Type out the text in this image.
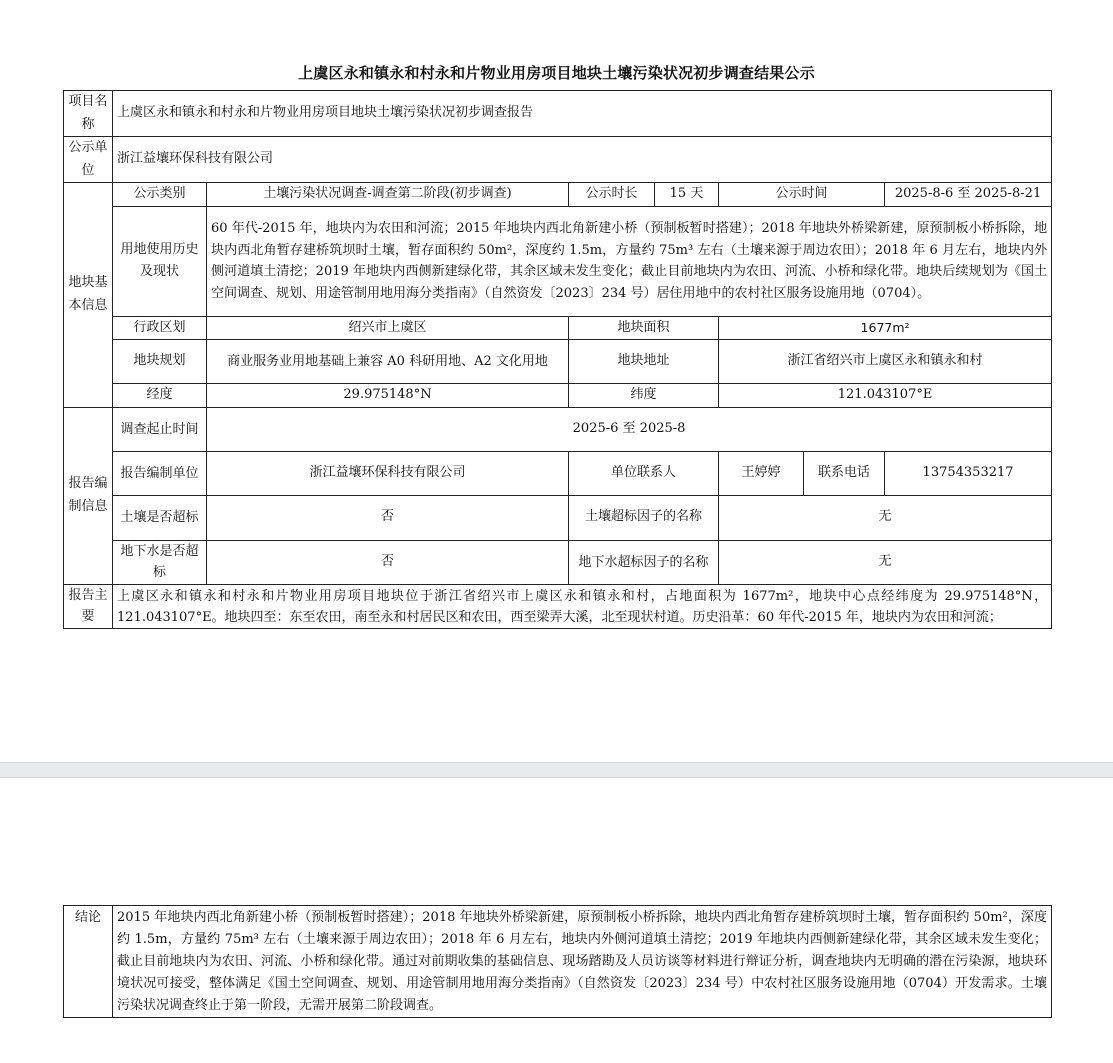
上虞区永和镇永和村永和片物业用房项目地块土壤污染状况初步调查结果公示
项目名称	上虞区永和镇永和村永和片物业用房项目地块土壤污染状况初步调查报告						
公示单位	浙江益壤环保科技有限公司						
地块基本信息	公示类别	土壤污染状况调查-调查第二阶段(初步调查)	公示时长	15 天	公示时间		2025-8-6 至 2025-8-21
	用地使用历史及现状	60 年代-2015 年，地块内为农田和河流；2015 年地块内西北角新建小桥（预制板暂时搭建）；2018 年地块外桥梁新建，原预制板小桥拆除，地块内西北角暂存建桥筑坝时土壤，暂存面积约 50m²，深度约 1.5m，方量约 75m³ 左右（土壤来源于周边农田）；2018 年 6 月左右，地块内外侧河道填土清挖；2019 年地块内西侧新建绿化带，其余区域未发生变化；截止目前地块内为农田、河流、小桥和绿化带。地块后续规划为《国土空间调查、规划、用途管制用地用海分类指南》（自然资发〔2023〕234 号）居住用地中的农村社区服务设施用地（0704）。					
	行政区划	绍兴市上虞区	地块面积		1677m²		
	地块规划	商业服务业用地基础上兼容 A0 科研用地、A2 文化用地	地块地址		浙江省绍兴市上虞区永和镇永和村		
	经度	29.975148°N	纬度		121.043107°E		
报告编制信息	调查起止时间	2025-6 至 2025-8					
	报告编制单位	浙江益壤环保科技有限公司	单位联系人		王婷婷	联系电话	13754353217
	土壤是否超标	否	土壤超标因子的名称		无		
	地下水是否超标	否	地下水超标因子的名称		无		
报告主要	上虞区永和镇永和村永和片物业用房项目地块位于浙江省绍兴市上虞区永和镇永和村，占地面积为 1677m²，地块中心点经纬度为 29.975148°N，121.043107°E。地块四至：东至农田，南至永和村居民区和农田，西至梁弄大溪，北至现状村道。历史沿革：60 年代-2015 年，地块内为农田和河流；						
结论	2015 年地块内西北角新建小桥（预制板暂时搭建）；2018 年地块外桥梁新建，原预制板小桥拆除，地块内西北角暂存建桥筑坝时土壤，暂存面积约 50m²，深度约 1.5m，方量约 75m³ 左右（土壤来源于周边农田）；2018 年 6 月左右，地块内外侧河道填土清挖；2019 年地块内西侧新建绿化带，其余区域未发生变化；截止目前地块内为农田、河流、小桥和绿化带。通过对前期收集的基础信息、现场踏勘及人员访谈等材料进行辩证分析，调查地块内无明确的潜在污染源，地块环境状况可接受，整体满足《国土空间调查、规划、用途管制用地用海分类指南》（自然资发〔2023〕234 号）中农村社区服务设施用地（0704）开发需求。土壤污染状况调查终止于第一阶段，无需开展第二阶段调查。
